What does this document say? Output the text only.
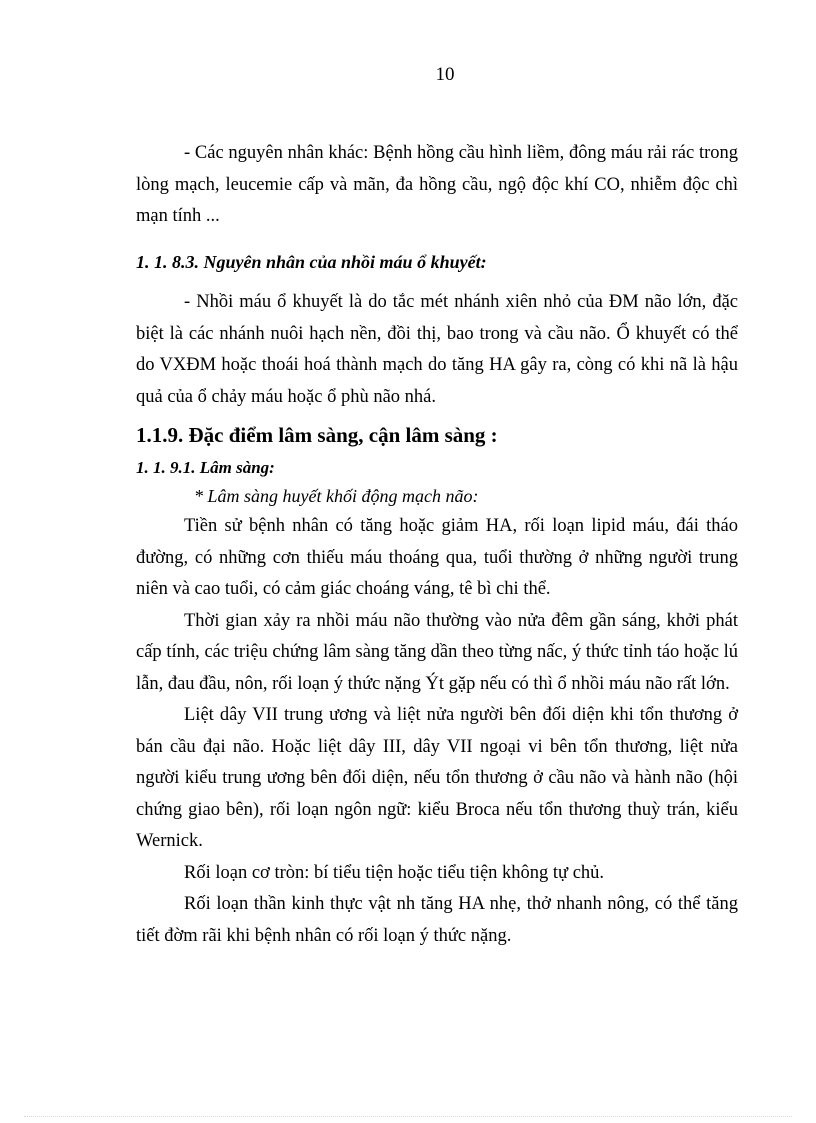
10

- Các nguyên nhân khác: Bệnh hồng cầu hình liềm, đông máu rải rác trong lòng mạch, leucemie cấp và mãn, đa hồng cầu, ngộ độc khí CO, nhiễm độc chì mạn tính ...

1. 1. 8.3. Nguyên nhân của nhồi máu ổ khuyết:

- Nhồi máu ổ khuyết là do tắc mét nhánh xiên nhỏ của ĐM não lớn, đặc biệt là các nhánh nuôi hạch nền, đồi thị, bao trong và cầu não. Ổ khuyết có thể do VXĐM hoặc thoái hoá thành mạch do tăng HA gây ra, còng có khi nã là hậu quả của ổ chảy máu hoặc ổ phù não nhá.

1.1.9. Đặc điểm lâm sàng, cận lâm sàng :

1. 1. 9.1. Lâm sàng:

* Lâm sàng huyết khối động mạch não:

Tiền sử bệnh nhân có tăng hoặc giảm HA, rối loạn lipid máu, đái tháo đường, có những cơn thiếu máu thoáng qua, tuổi thường ở những người trung niên và cao tuổi, có cảm giác choáng váng, tê bì chi thể.

Thời gian xảy ra nhồi máu não thường vào nửa đêm gần sáng, khởi phát cấp tính, các triệu chứng lâm sàng tăng dần theo từng nấc, ý thức tỉnh táo hoặc lú lẫn, đau đầu, nôn, rối loạn ý thức nặng Ýt gặp nếu có thì ổ nhồi máu não rất lớn.

Liệt dây VII trung ương và liệt nửa người bên đối diện khi tổn thương ở bán cầu đại não. Hoặc liệt dây III, dây VII ngoại vi bên tổn thương, liệt nửa người kiểu trung ương bên đối diện, nếu tổn thương ở cầu não và hành não (hội chứng giao bên), rối loạn ngôn ngữ: kiểu Broca nếu tổn thương thuỳ trán, kiểu Wernick.

Rối loạn cơ tròn: bí tiểu tiện hoặc tiểu tiện không tự chủ.

Rối loạn thần kinh thực vật nh tăng HA nhẹ, thở nhanh nông, có thể tăng tiết đờm rãi khi bệnh nhân có rối loạn ý thức nặng.
